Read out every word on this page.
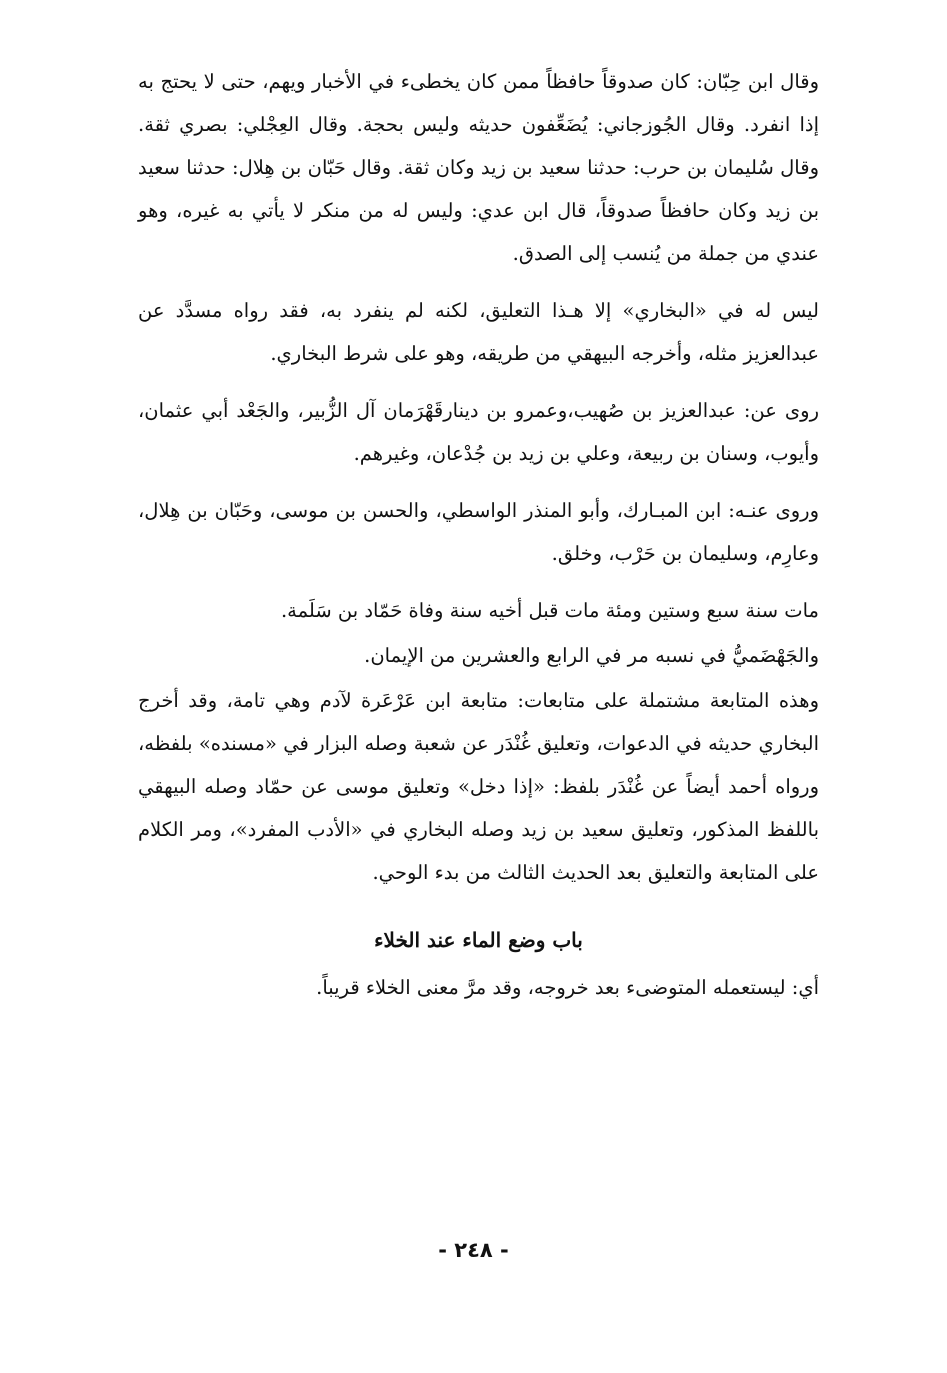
وقال ابن حِبّان: كان صدوقاً حافظاً ممن كان يخطىء في الأخبار ويهم، حتى لا يحتج به إذا انفرد. وقال الجُوزجاني: يُضَعِّفون حديثه وليس بحجة. وقال العِجْلي: بصري ثقة. وقال سُليمان بن حرب: حدثنا سعيد بن زيد وكان ثقة. وقال حَبّان بن هِلال: حدثنا سعيد بن زيد وكان حافظاً صدوقاً، قال ابن عدي: وليس له من منكر لا يأتي به غيره، وهو عندي من جملة من يُنسب إلى الصدق.

ليس له في «البخاري» إلا هـذا التعليق، لكنه لم ينفرد به، فقد رواه مسدَّد عن عبدالعزيز مثله، وأخرجه البيهقي من طريقه، وهو على شرط البخاري.

روى عن: عبدالعزيز بن صُهيب،وعمرو بن دينارقَهْرَمان آل الزُّبير، والجَعْد أبي عثمان، وأيوب، وسنان بن ربيعة، وعلي بن زيد بن جُدْعان، وغيرهم.

وروى عنـه: ابن المبـارك، وأبو المنذر الواسطي، والحسن بن موسى، وحَبّان بن هِلال، وعارِم، وسليمان بن حَرْب، وخلق.

مات سنة سبع وستين ومئة مات قبل أخيه سنة وفاة حَمّاد بن سَلَمة.

والجَهْضَميُّ في نسبه مر في الرابع والعشرين من الإيمان.

وهذه المتابعة مشتملة على متابعات: متابعة ابن عَرْعَرة لآدم وهي تامة، وقد أخرج البخاري حديثه في الدعوات، وتعليق غُنْدَر عن شعبة وصله البزار في «مسنده» بلفظه، ورواه أحمد أيضاً عن غُنْدَر بلفظ: «إذا دخل» وتعليق موسى عن حمّاد وصله البيهقي باللفظ المذكور، وتعليق سعيد بن زيد وصله البخاري في «الأدب المفرد»، ومر الكلام على المتابعة والتعليق بعد الحديث الثالث من بدء الوحي.

باب وضع الماء عند الخلاء

أي: ليستعمله المتوضىء بعد خروجه، وقد مرَّ معنى الخلاء قريباً.

- ٢٤٨ -
